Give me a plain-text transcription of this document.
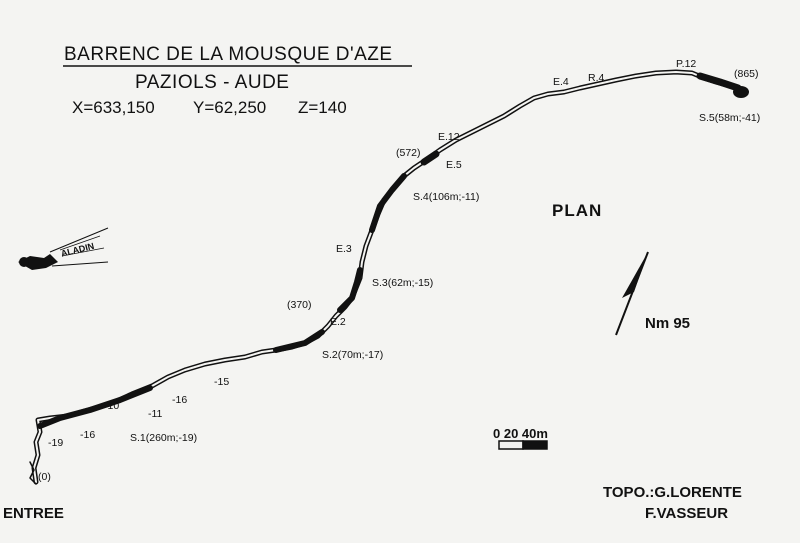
BARRENC DE LA MOUSQUE D'AZE
PAZIOLS - AUDE
X=633,150 Y=62,250 Z=140
ENTREE
(0)
-19
-16
-10
-11
-16
-15
S.1(260m;-19)
S.2(70m;-17)
E.2
(370)
S.3(62m;-15)
E.3
S.4(106m;-11)
(572)
E.12
E.5
E.4 R.4
P.12
(865)
S.5(58m;-41)
PLAN
Nm 95
0 20 40m
ALADIN
TOPO.:G.LORENTE
F.VASSEUR
